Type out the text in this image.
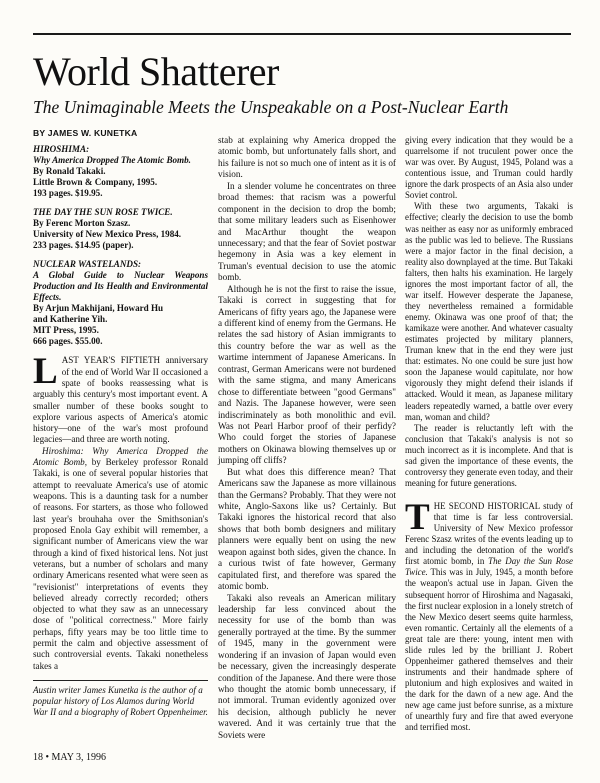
World Shatterer
The Unimaginable Meets the Unspeakable on a Post-Nuclear Earth
BY JAMES W. KUNETKA
HIROSHIMA:
Why America Dropped The Atomic Bomb.
By Ronald Takaki.
Little Brown & Company, 1995.
193 pages. $19.95.
THE DAY THE SUN ROSE TWICE.
By Ferenc Morton Szasz.
University of New Mexico Press, 1984.
233 pages. $14.95 (paper).
NUCLEAR WASTELANDS:
A Global Guide to Nuclear Weapons Production and Its Health and Environmental Effects.
By Arjun Makhijani, Howard Hu
and Katherine Yih.
MIT Press, 1995.
666 pages. $55.00.

LAST YEAR'S FIFTIETH anniversary of the end of World War II occasioned a spate of books reassessing what is arguably this century's most important event. A smaller number of these books sought to explore various aspects of America's atomic history—one of the war's most profound legacies—and three are worth noting.

Hiroshima: Why America Dropped the Atomic Bomb, by Berkeley professor Ronald Takaki, is one of several popular histories that attempt to reevaluate America's use of atomic weapons. This is a daunting task for a number of reasons. For starters, as those who followed last year's brouhaha over the Smithsonian's proposed Enola Gay exhibit will remember, a significant number of Americans view the war through a kind of fixed historical lens. Not just veterans, but a number of scholars and many ordinary Americans resented what were seen as "revisionist" interpretations of events they believed already correctly recorded; others objected to what they saw as an unnecessary dose of "political correctness." More fairly perhaps, fifty years may be too little time to permit the calm and objective assessment of such controversial events. Takaki nonetheless takes a

Austin writer James Kunetka is the author of a popular history of Los Alamos during World War II and a biography of Robert Oppenheimer.

stab at explaining why America dropped the atomic bomb, but unfortunately falls short, and his failure is not so much one of intent as it is of vision.

In a slender volume he concentrates on three broad themes: that racism was a powerful component in the decision to drop the bomb; that some military leaders such as Eisenhower and MacArthur thought the weapon unnecessary; and that the fear of Soviet postwar hegemony in Asia was a key element in Truman's eventual decision to use the atomic bomb.

Although he is not the first to raise the issue, Takaki is correct in suggesting that for Americans of fifty years ago, the Japanese were a different kind of enemy from the Germans. He relates the sad history of Asian immigrants to this country before the war as well as the wartime internment of Japanese Americans. In contrast, German Americans were not burdened with the same stigma, and many Americans chose to differentiate between "good Germans" and Nazis. The Japanese however, were seen indiscriminately as both monolithic and evil. Was not Pearl Harbor proof of their perfidy? Who could forget the stories of Japanese mothers on Okinawa blowing themselves up or jumping off cliffs?

But what does this difference mean? That Americans saw the Japanese as more villainous than the Germans? Probably. That they were not white, Anglo-Saxons like us? Certainly. But Takaki ignores the historical record that also shows that both bomb designers and military planners were equally bent on using the new weapon against both sides, given the chance. In a curious twist of fate however, Germany capitulated first, and therefore was spared the atomic bomb.

Takaki also reveals an American military leadership far less convinced about the necessity for use of the bomb than was generally portrayed at the time. By the summer of 1945, many in the government were wondering if an invasion of Japan would even be necessary, given the increasingly desperate condition of the Japanese. And there were those who thought the atomic bomb unnecessary, if not immoral. Truman evidently agonized over his decision, although publicly he never wavered. And it was certainly true that the Soviets were

giving every indication that they would be a quarrelsome if not truculent power once the war was over. By August, 1945, Poland was a contentious issue, and Truman could hardly ignore the dark prospects of an Asia also under Soviet control.

With these two arguments, Takaki is effective; clearly the decision to use the bomb was neither as easy nor as uniformly embraced as the public was led to believe. The Russians were a major factor in the final decision, a reality also downplayed at the time. But Takaki falters, then halts his examination. He largely ignores the most important factor of all, the war itself. However desperate the Japanese, they nevertheless remained a formidable enemy. Okinawa was one proof of that; the kamikaze were another. And whatever casualty estimates projected by military planners, Truman knew that in the end they were just that: estimates. No one could be sure just how soon the Japanese would capitulate, nor how vigorously they might defend their islands if attacked. Would it mean, as Japanese military leaders repeatedly warned, a battle over every man, woman and child?

The reader is reluctantly left with the conclusion that Takaki's analysis is not so much incorrect as it is incomplete. And that is sad given the importance of these events, the controversy they generate even today, and their meaning for future generations.

THE SECOND HISTORICAL study of that time is far less controversial. University of New Mexico professor Ferenc Szasz writes of the events leading up to and including the detonation of the world's first atomic bomb, in The Day the Sun Rose Twice. This was in July, 1945, a month before the weapon's actual use in Japan. Given the subsequent horror of Hiroshima and Nagasaki, the first nuclear explosion in a lonely stretch of the New Mexico desert seems quite harmless, even romantic. Certainly all the elements of a great tale are there: young, intent men with slide rules led by the brilliant J. Robert Oppenheimer gathered themselves and their instruments and their handmade sphere of plutonium and high explosives and waited in the dark for the dawn of a new age. And the new age came just before sunrise, as a mixture of unearthly fury and fire that awed everyone and terrified most.

18 • MAY 3, 1996
